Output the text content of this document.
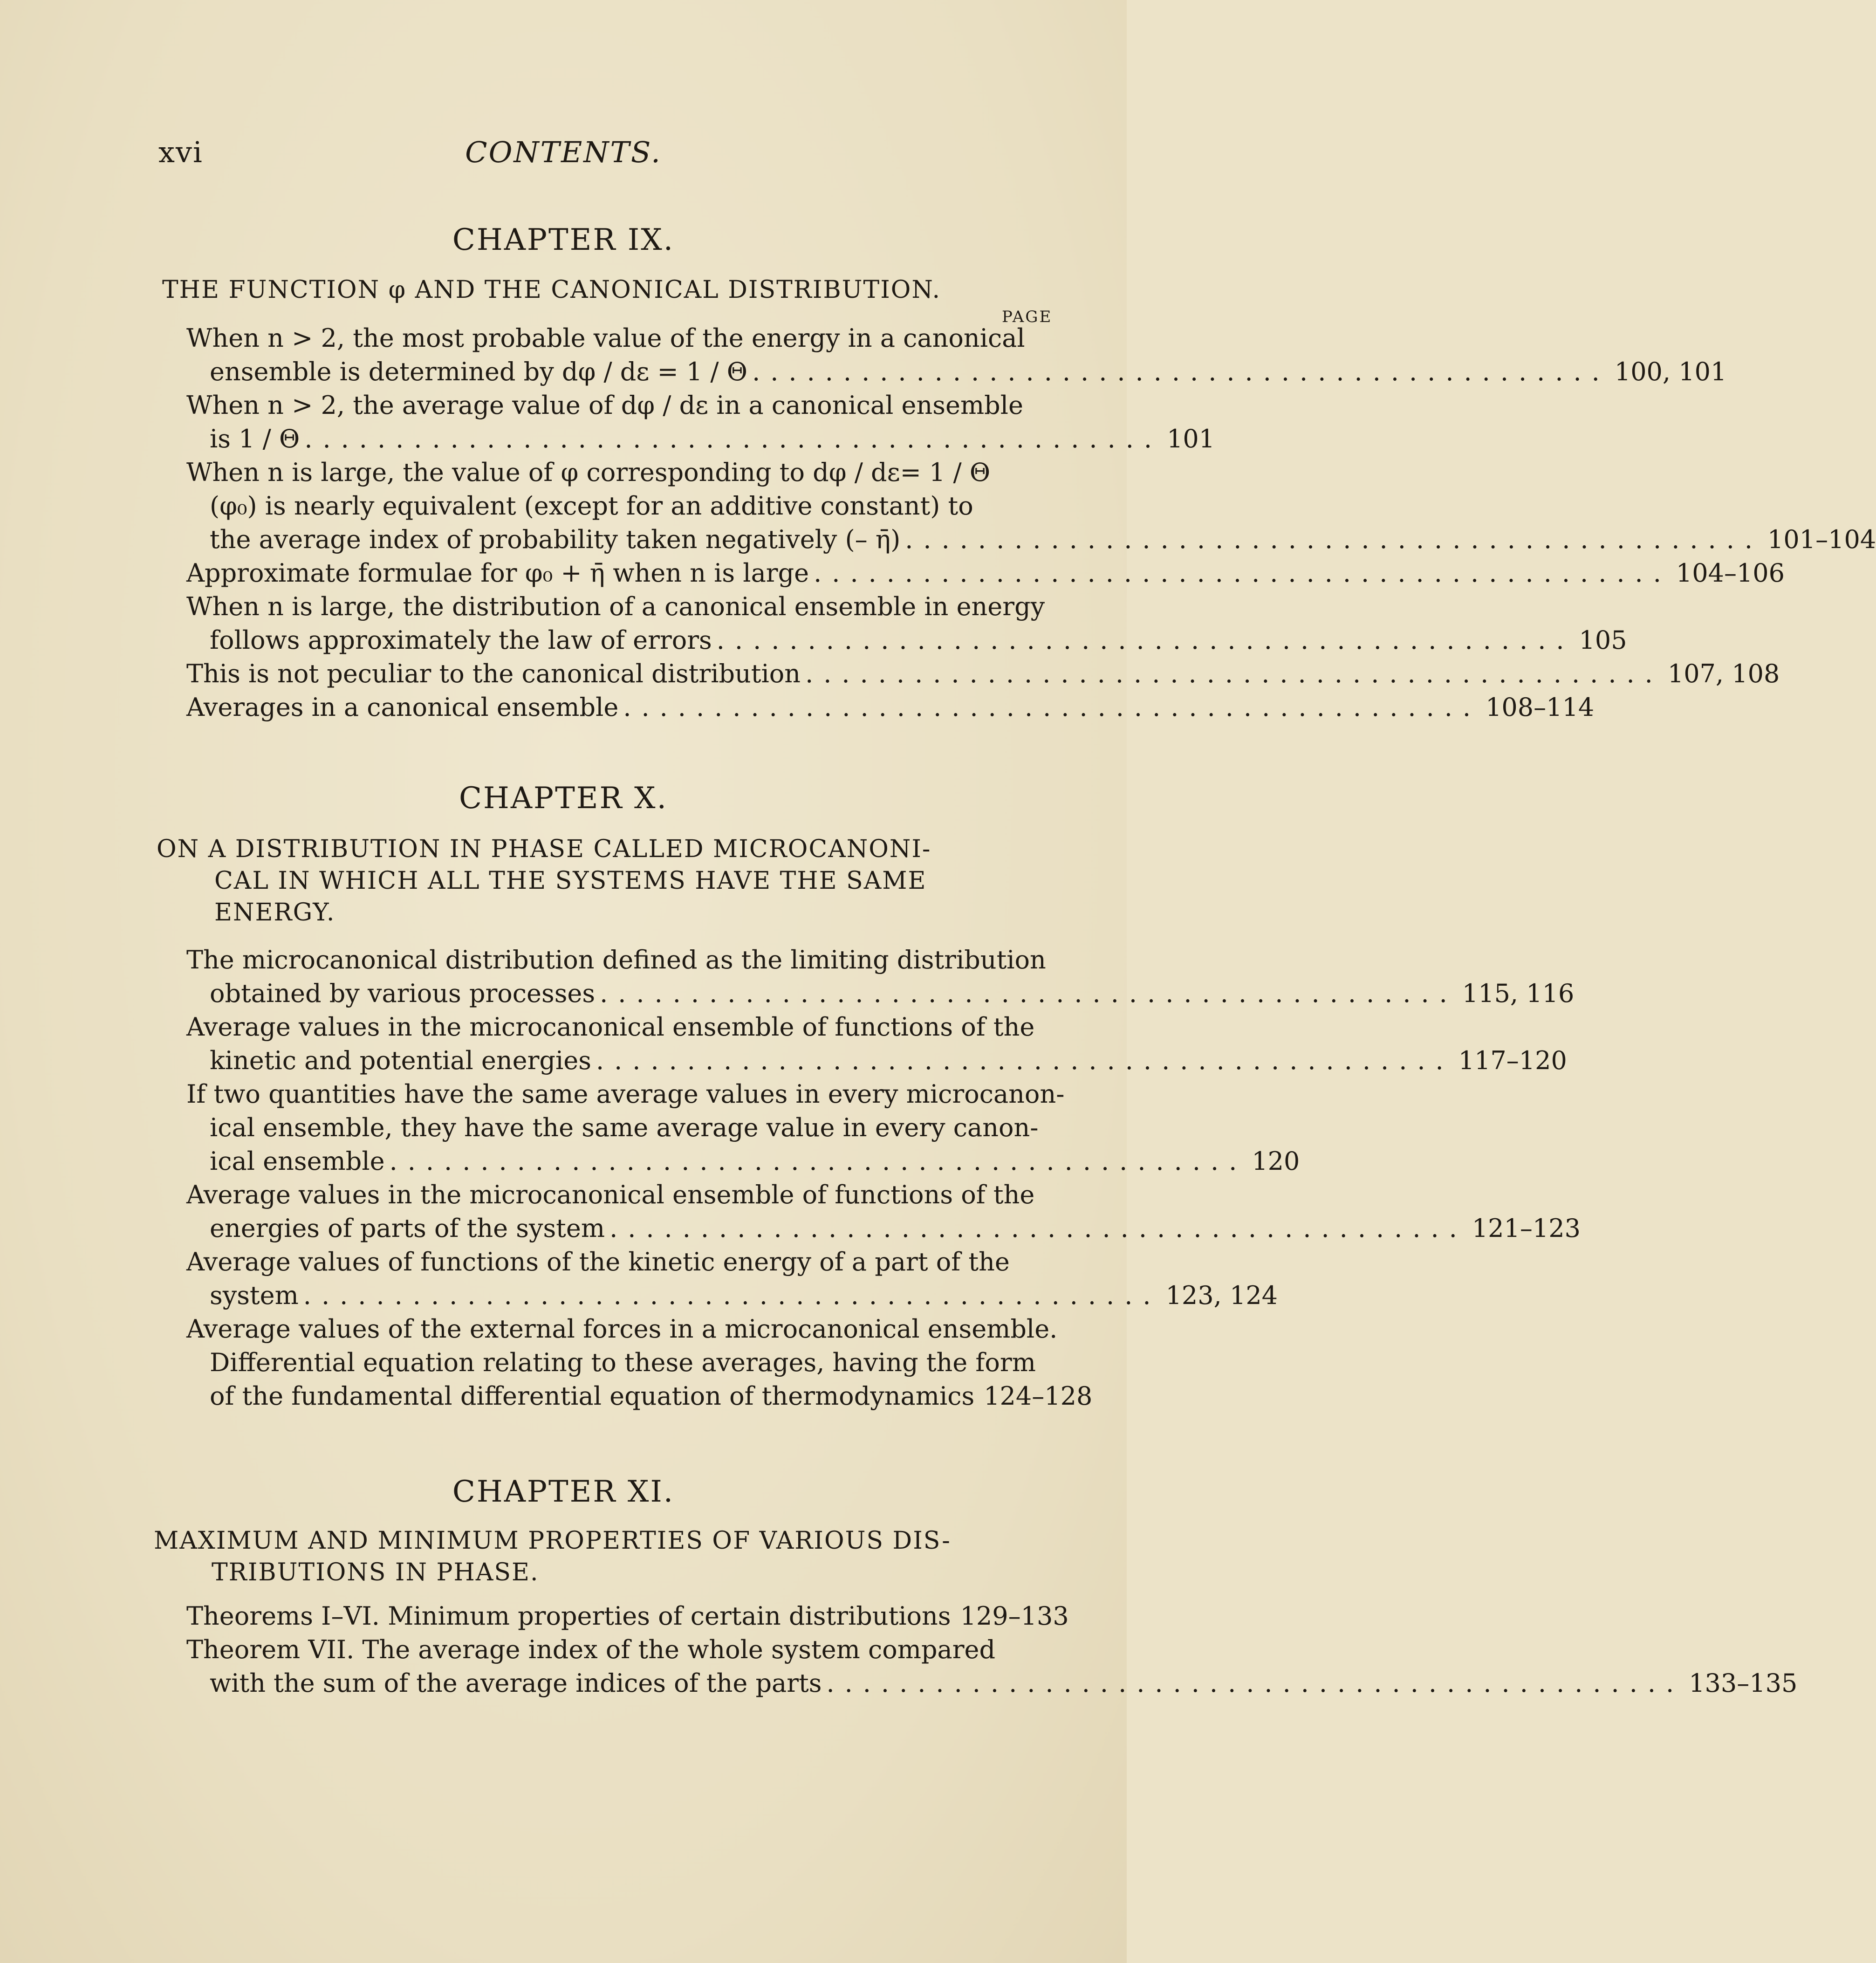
xvi	CONTENTS.
CHAPTER IX.
THE FUNCTION φ AND THE CANONICAL DISTRIBUTION.
PAGE
When n > 2, the most probable value of the energy in a canonical
ensemble is determined by dφ / dε = 1 / Θ ............................................... 100, 101
When n > 2, the average value of dφ / dε in a canonical ensemble
is 1 / Θ ............................................... 101
When n is large, the value of φ corresponding to dφ / dε= 1 / Θ
(φ₀) is nearly equivalent (except for an additive constant) to
the average index of probability taken negatively (– η̄) ............................................... 101–104
Approximate formulae for φ₀ + η̄ when n is large ............................................... 104–106
When n is large, the distribution of a canonical ensemble in energy
follows approximately the law of errors ............................................... 105
This is not peculiar to the canonical distribution ............................................... 107, 108
Averages in a canonical ensemble ............................................... 108–114
CHAPTER X.
ON A DISTRIBUTION IN PHASE CALLED MICROCANONI-
CAL IN WHICH ALL THE SYSTEMS HAVE THE SAME
ENERGY.
The microcanonical distribution defined as the limiting distribution
obtained by various processes ............................................... 115, 116
Average values in the microcanonical ensemble of functions of the
kinetic and potential energies ............................................... 117–120
If two quantities have the same average values in every microcanon-
ical ensemble, they have the same average value in every canon-
ical ensemble ............................................... 120
Average values in the microcanonical ensemble of functions of the
energies of parts of the system ............................................... 121–123
Average values of functions of the kinetic energy of a part of the
system ............................................... 123, 124
Average values of the external forces in a microcanonical ensemble.
Differential equation relating to these averages, having the form
of the fundamental differential equation of thermodynamics 124–128
CHAPTER XI.
MAXIMUM AND MINIMUM PROPERTIES OF VARIOUS DIS-
TRIBUTIONS IN PHASE.
Theorems I–VI. Minimum properties of certain distributions 129–133
Theorem VII. The average index of the whole system compared
with the sum of the average indices of the parts ............................................... 133–135
